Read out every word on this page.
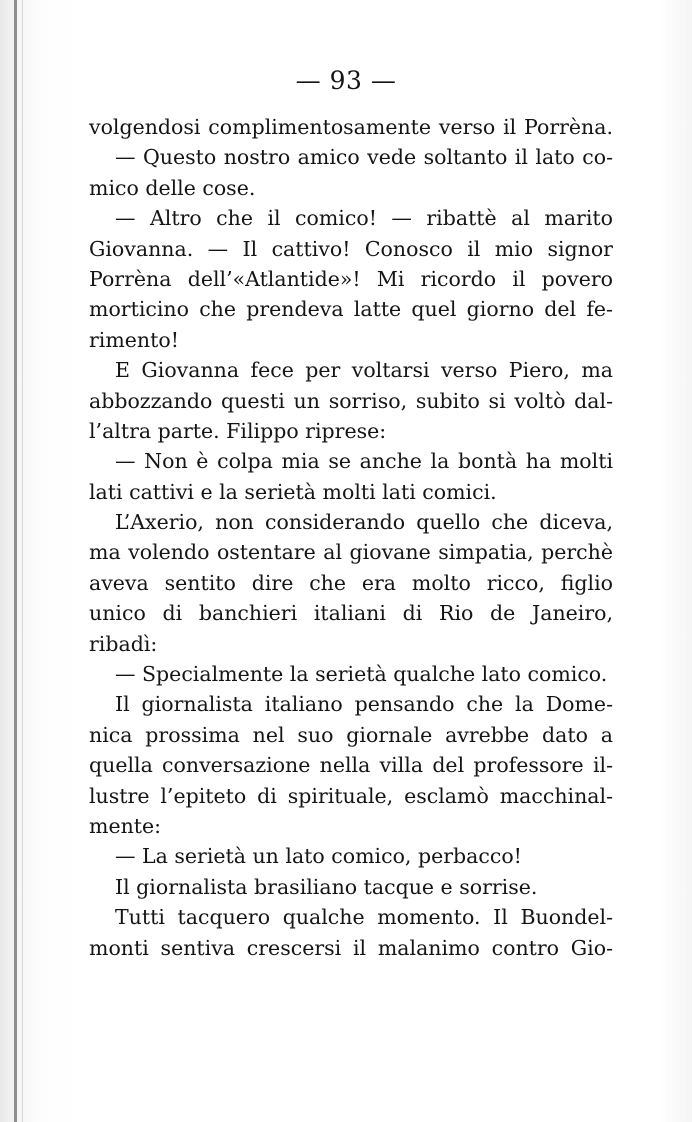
— 93 —
volgendosi complimentosamente verso il Porrèna.
— Questo nostro amico vede soltanto il lato co-
mico delle cose.
— Altro che il comico! — ribattè al marito
Giovanna. — Il cattivo! Conosco il mio signor
Porrèna dell’«Atlantide»! Mi ricordo il povero
morticino che prendeva latte quel giorno del fe-
rimento!
E Giovanna fece per voltarsi verso Piero, ma
abbozzando questi un sorriso, subito si voltò dal-
l’altra parte. Filippo riprese:
— Non è colpa mia se anche la bontà ha molti
lati cattivi e la serietà molti lati comici.
L’Axerio, non considerando quello che diceva,
ma volendo ostentare al giovane simpatia, perchè
aveva sentito dire che era molto ricco, figlio
unico di banchieri italiani di Rio de Janeiro,
ribadì:
— Specialmente la serietà qualche lato comico.
Il giornalista italiano pensando che la Dome-
nica prossima nel suo giornale avrebbe dato a
quella conversazione nella villa del professore il-
lustre l’epiteto di spirituale, esclamò macchinal-
mente:
— La serietà un lato comico, perbacco!
Il giornalista brasiliano tacque e sorrise.
Tutti tacquero qualche momento. Il Buondel-
monti sentiva crescersi il malanimo contro Gio-
